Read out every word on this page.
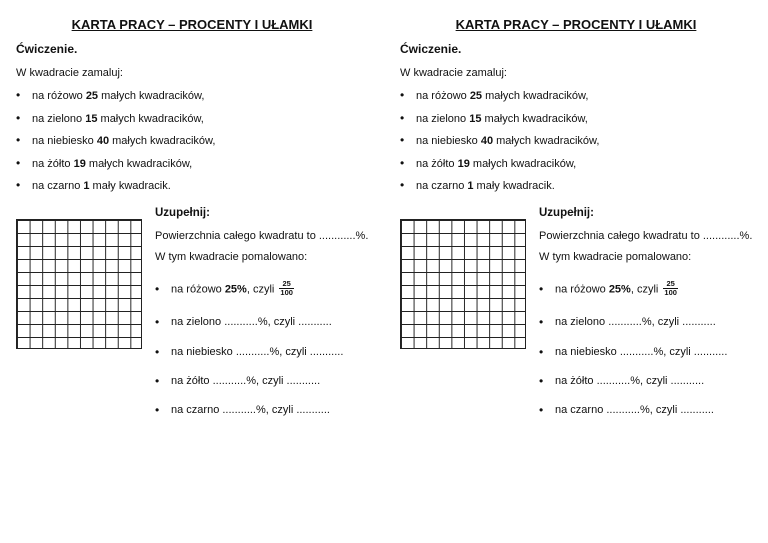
KARTA PRACY – PROCENTY I UŁAMKI
Ćwiczenie.
W kwadracie zamaluj:
• na różowo 25 małych kwadracików,
• na zielono 15 małych kwadracików,
• na niebiesko 40 małych kwadracików,
• na żółto 19 małych kwadracików,
• na czarno 1 mały kwadracik.
Uzupełnij:
Powierzchnia całego kwadratu to ............%.
W tym kwadracie pomalowano:
• na różowo 25%, czyli $\frac{25}{100}$
• na zielono ...........%, czyli ...........
• na niebiesko ...........%, czyli ...........
• na żółto ...........%, czyli ...........
• na czarno ...........%, czyli ...........
KARTA PRACY – PROCENTY I UŁAMKI
Ćwiczenie.
W kwadracie zamaluj:
• na różowo 25 małych kwadracików,
• na zielono 15 małych kwadracików,
• na niebiesko 40 małych kwadracików,
• na żółto 19 małych kwadracików,
• na czarno 1 mały kwadracik.
Uzupełnij:
Powierzchnia całego kwadratu to ............%.
W tym kwadracie pomalowano:
• na różowo 25%, czyli $\frac{25}{100}$
• na zielono ...........%, czyli ...........
• na niebiesko ...........%, czyli ...........
• na żółto ...........%, czyli ...........
• na czarno ...........%, czyli ...........
